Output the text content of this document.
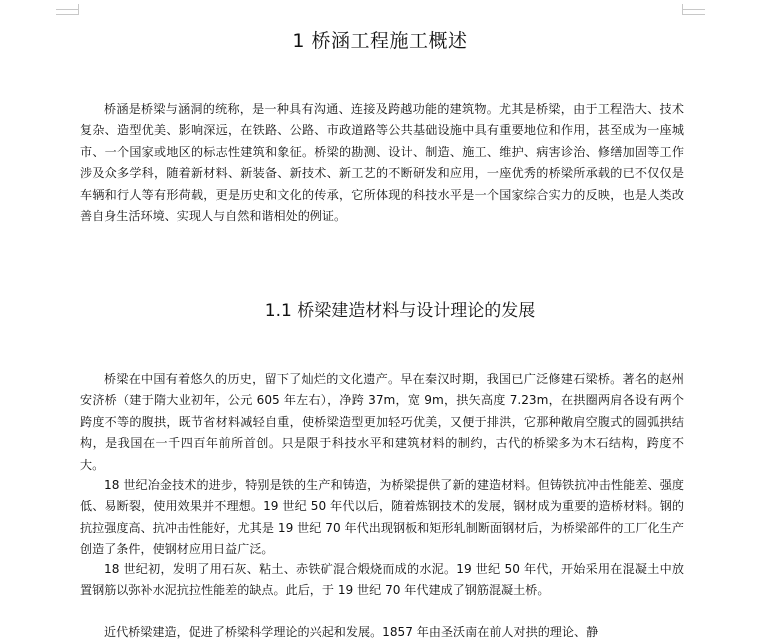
1 桥涵工程施工概述

桥涵是桥梁与涵洞的统称，是一种具有沟通、连接及跨越功能的建筑物。尤其是桥梁，由于工程浩大、技术复杂、造型优美、影响深远，在铁路、公路、市政道路等公共基础设施中具有重要地位和作用，甚至成为一座城市、一个国家或地区的标志性建筑和象征。桥梁的勘测、设计、制造、施工、维护、病害诊治、修缮加固等工作涉及众多学科，随着新材料、新装备、新技术、新工艺的不断研发和应用，一座优秀的桥梁所承载的已不仅仅是车辆和行人等有形荷载，更是历史和文化的传承，它所体现的科技水平是一个国家综合实力的反映，也是人类改善自身生活环境、实现人与自然和谐相处的例证。

1.1 桥梁建造材料与设计理论的发展

桥梁在中国有着悠久的历史，留下了灿烂的文化遗产。早在秦汉时期，我国已广泛修建石梁桥。著名的赵州安济桥（建于隋大业初年，公元 605 年左右），净跨 37m，宽 9m，拱矢高度 7.23m，在拱圈两肩各设有两个跨度不等的腹拱，既节省材料减轻自重，使桥梁造型更加轻巧优美，又便于排洪，它那种敞肩空腹式的圆弧拱结构，是我国在一千四百年前所首创。只是限于科技水平和建筑材料的制约，古代的桥梁多为木石结构，跨度不大。

18 世纪冶金技术的进步，特别是铁的生产和铸造，为桥梁提供了新的建造材料。但铸铁抗冲击性能差、强度低、易断裂，使用效果并不理想。19 世纪 50 年代以后，随着炼钢技术的发展，钢材成为重要的造桥材料。钢的抗拉强度高、抗冲击性能好，尤其是 19 世纪 70 年代出现钢板和矩形轧制断面钢材后，为桥梁部件的工厂化生产创造了条件，使钢材应用日益广泛。

18 世纪初，发明了用石灰、粘土、赤铁矿混合煅烧而成的水泥。19 世纪 50 年代，开始采用在混凝土中放置钢筋以弥补水泥抗拉性能差的缺点。此后，于 19 世纪 70 年代建成了钢筋混凝土桥。

近代桥梁建造，促进了桥梁科学理论的兴起和发展。1857 年由圣沃南在前人对拱的理论、静
